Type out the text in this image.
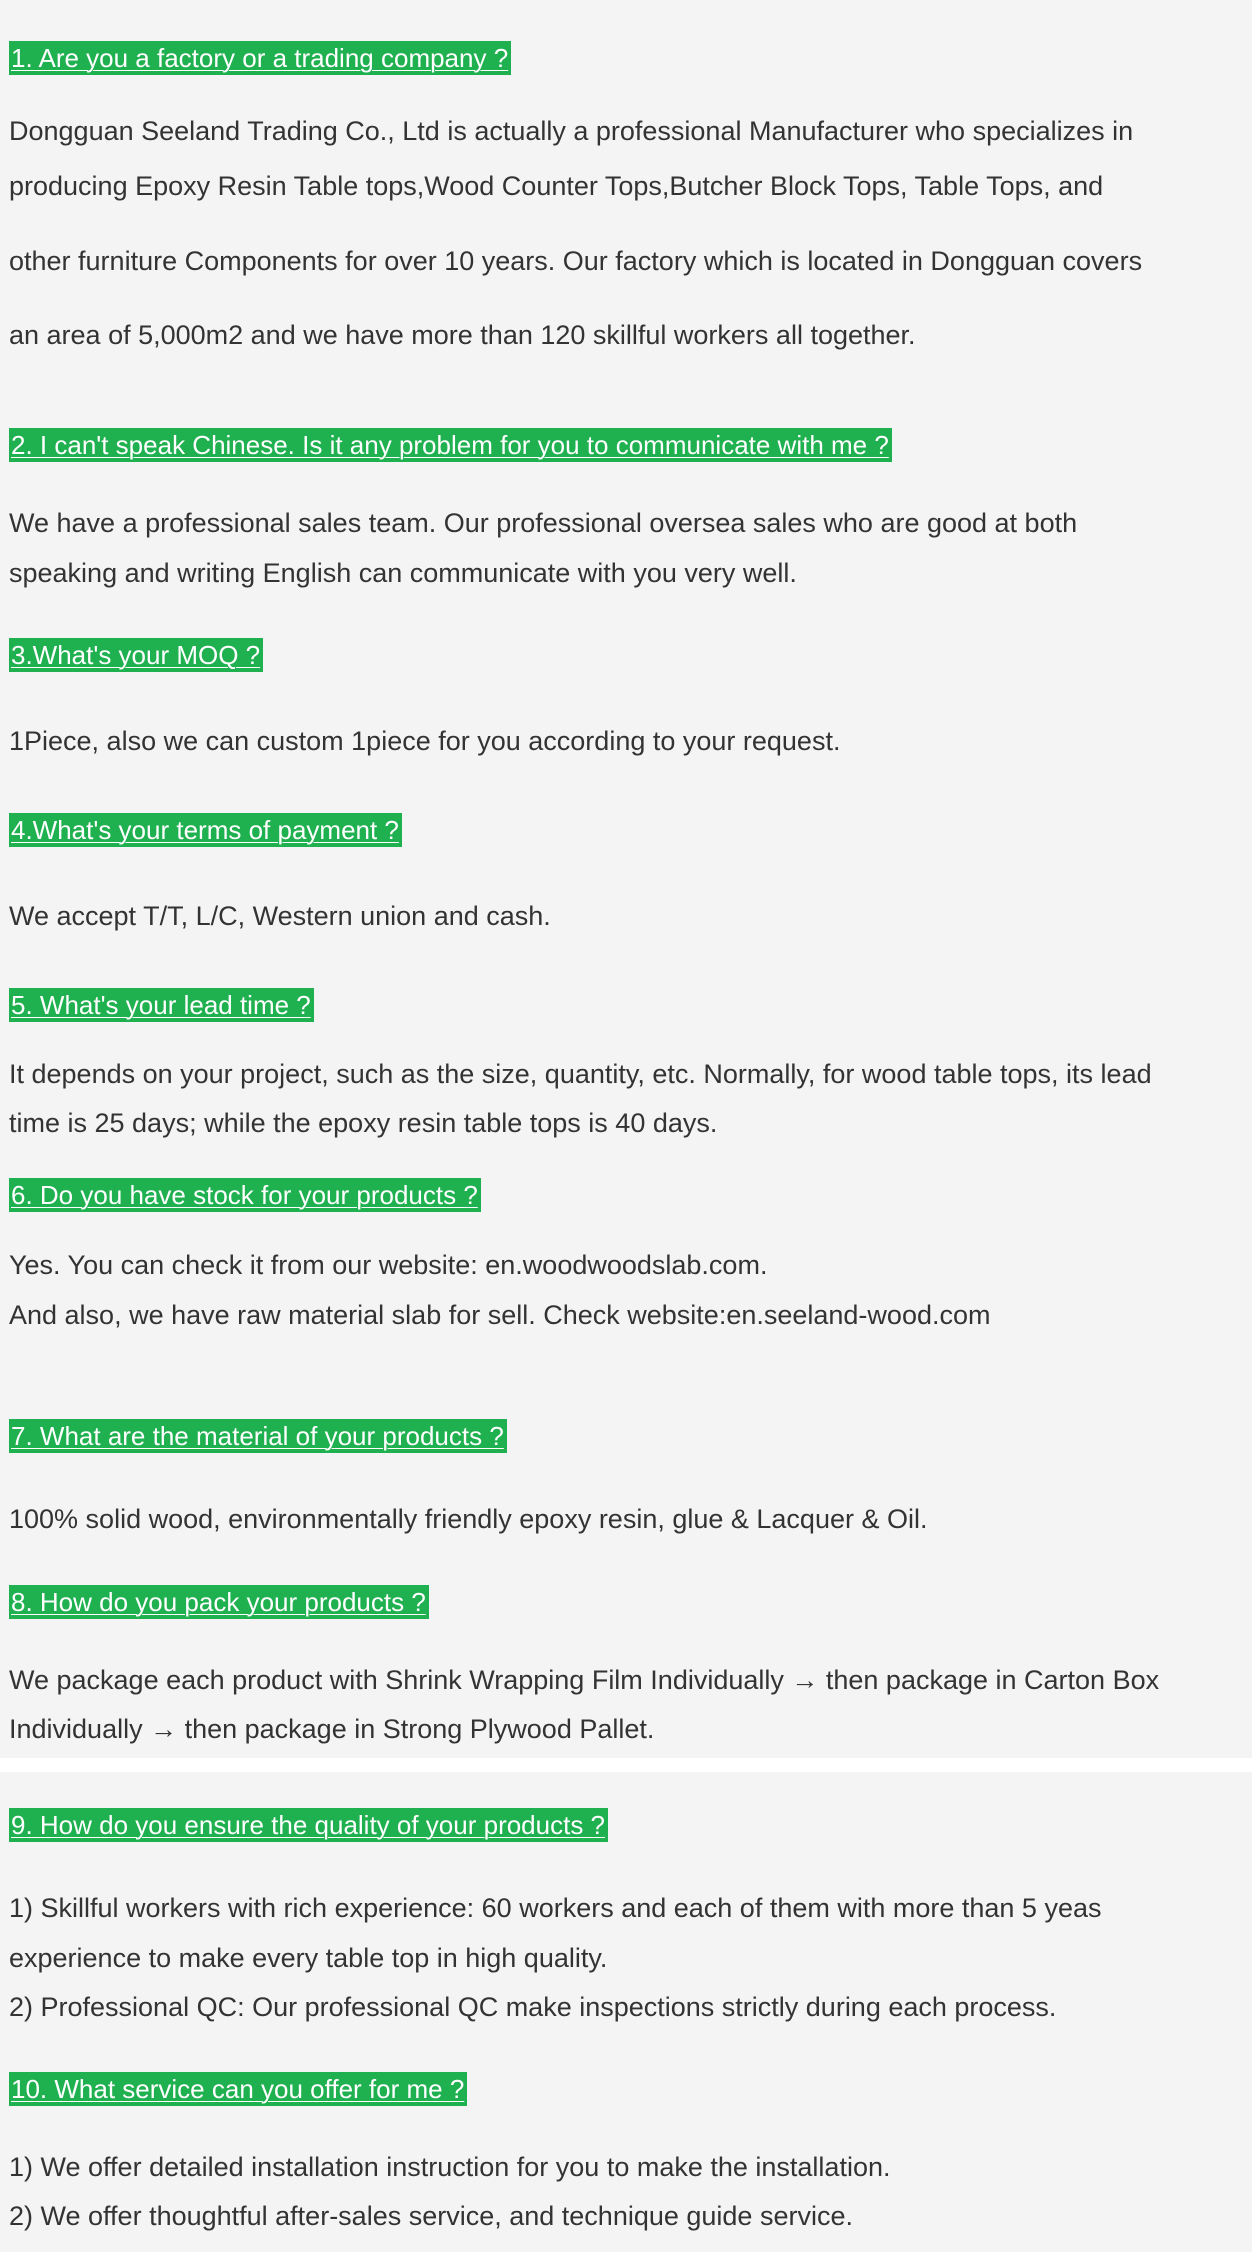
1. Are you a factory or a trading company ?
Dongguan Seeland Trading Co., Ltd is actually a professional Manufacturer who specializes in
producing Epoxy Resin Table tops,Wood Counter Tops,Butcher Block Tops, Table Tops, and
other furniture Components for over 10 years. Our factory which is located in Dongguan covers
an area of 5,000m2 and we have more than 120 skillful workers all together.
2. I can't speak Chinese. Is it any problem for you to communicate with me ?
We have a professional sales team. Our professional oversea sales who are good at both
speaking and writing English can communicate with you very well.
3.What's your MOQ ?
1Piece, also we can custom 1piece for you according to your request.
4.What's your terms of payment ?
We accept T/T, L/C, Western union and cash.
5. What's your lead time ?
It depends on your project, such as the size, quantity, etc. Normally, for wood table tops, its lead
time is 25 days; while the epoxy resin table tops is 40 days.
6. Do you have stock for your products ?
Yes. You can check it from our website: en.woodwoodslab.com.
And also, we have raw material slab for sell. Check website:en.seeland-wood.com
7. What are the material of your products ?
100% solid wood, environmentally friendly epoxy resin, glue & Lacquer & Oil.
8. How do you pack your products ?
We package each product with Shrink Wrapping Film Individually → then package in Carton Box
Individually → then package in Strong Plywood Pallet.
9. How do you ensure the quality of your products ?
1) Skillful workers with rich experience: 60 workers and each of them with more than 5 yeas
experience to make every table top in high quality.
2) Professional QC: Our professional QC make inspections strictly during each process.
10. What service can you offer for me ?
1) We offer detailed installation instruction for you to make the installation.
2) We offer thoughtful after-sales service, and technique guide service.
